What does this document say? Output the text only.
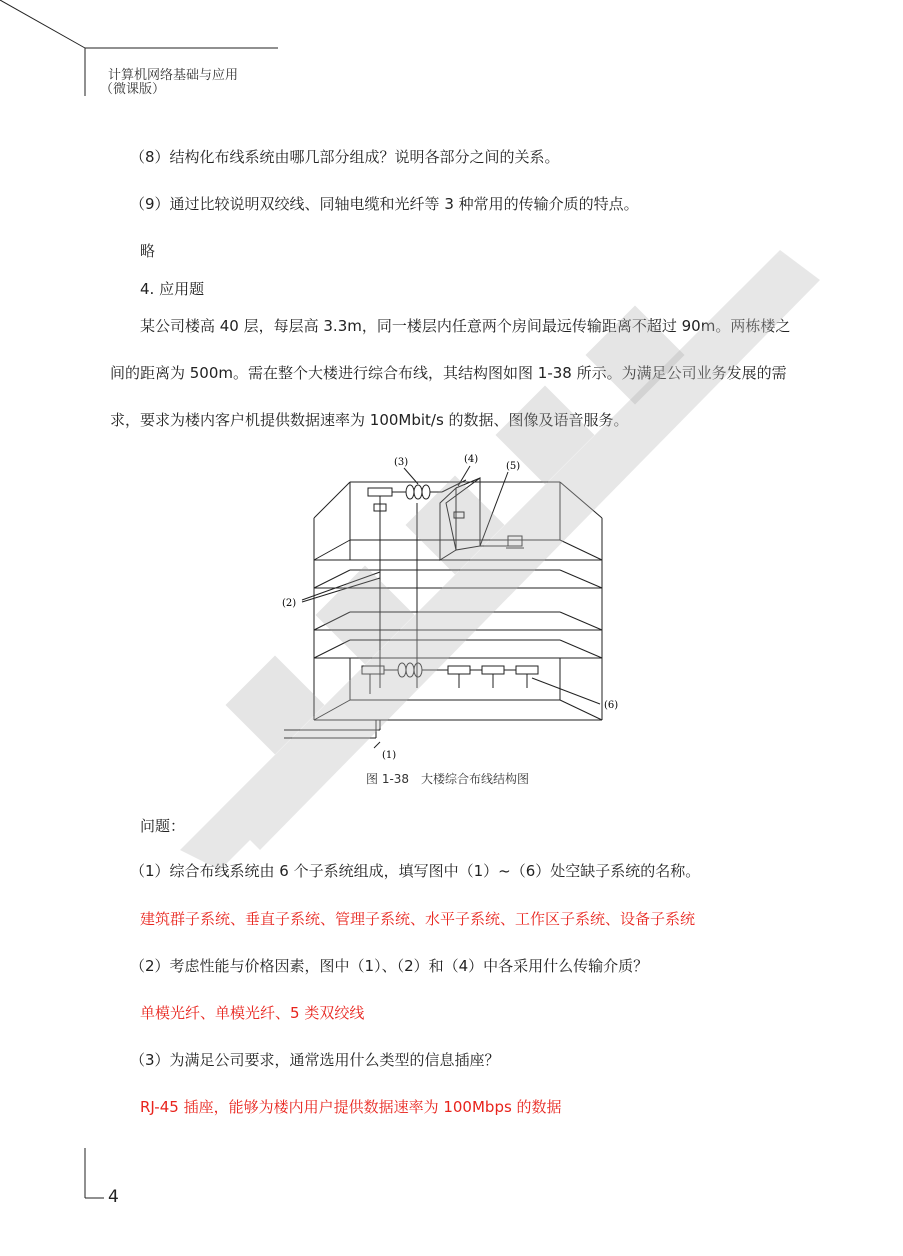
计算机网络基础与应用
（微课版）
（8）结构化布线系统由哪几部分组成？说明各部分之间的关系。
（9）通过比较说明双绞线、同轴电缆和光纤等 3 种常用的传输介质的特点。
略
4. 应用题
某公司楼高 40 层，每层高 3.3m，同一楼层内任意两个房间最远传输距离不超过 90m。两栋楼之
间的距离为 500m。需在整个大楼进行综合布线，其结构图如图 1-38 所示。为满足公司业务发展的需
求，要求为楼内客户机提供数据速率为 100Mbit/s 的数据、图像及语音服务。
(3)	(4)
(5)
(2)
(6)
(1)
图 1-38　大楼综合布线结构图
问题：
（1）综合布线系统由 6 个子系统组成，填写图中（1）~（6）处空缺子系统的名称。
建筑群子系统、垂直子系统、管理子系统、水平子系统、工作区子系统、设备子系统
（2）考虑性能与价格因素，图中（1）、（2）和（4）中各采用什么传输介质？
单模光纤、单模光纤、5 类双绞线
（3）为满足公司要求，通常选用什么类型的信息插座？
RJ-45 插座，能够为楼内用户提供数据速率为 100Mbps 的数据
4
